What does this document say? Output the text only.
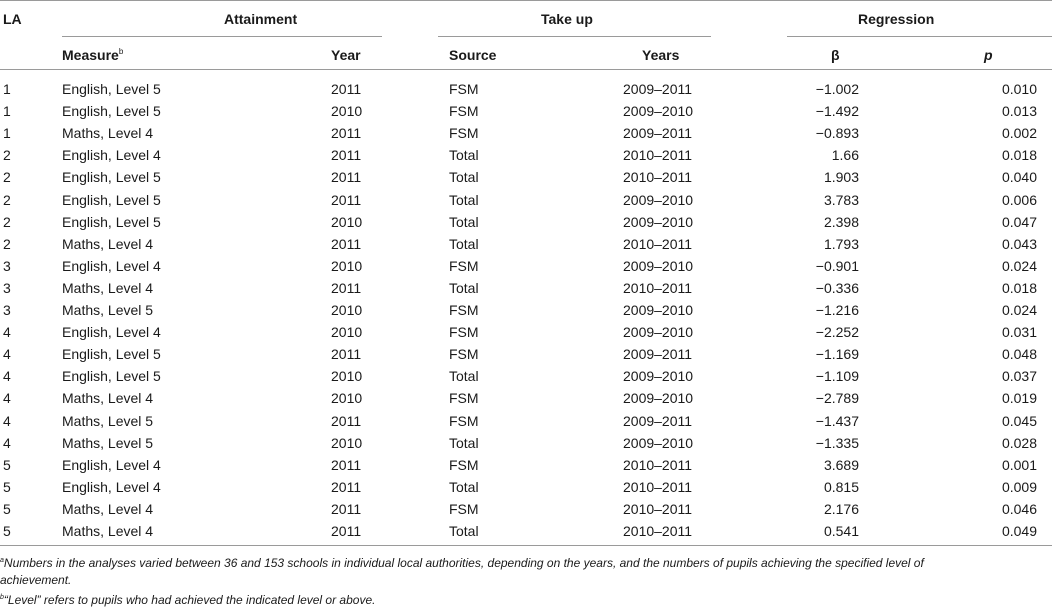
LA	Attainment	Take up	Regression
Measure$^b$	Year	Source	Years	β	p
1	English, Level 5	2011	FSM	2009–2011	−1.002	0.010
1	English, Level 5	2010	FSM	2009–2010	−1.492	0.013
1	Maths, Level 4	2011	FSM	2009–2011	−0.893	0.002
2	English, Level 4	2011	Total	2010–2011	1.66	0.018
2	English, Level 5	2011	Total	2010–2011	1.903	0.040
2	English, Level 5	2011	Total	2009–2010	3.783	0.006
2	English, Level 5	2010	Total	2009–2010	2.398	0.047
2	Maths, Level 4	2011	Total	2010–2011	1.793	0.043
3	English, Level 4	2010	FSM	2009–2010	−0.901	0.024
3	Maths, Level 4	2011	Total	2010–2011	−0.336	0.018
3	Maths, Level 5	2010	FSM	2009–2010	−1.216	0.024
4	English, Level 4	2010	FSM	2009–2010	−2.252	0.031
4	English, Level 5	2011	FSM	2009–2011	−1.169	0.048
4	English, Level 5	2010	Total	2009–2010	−1.109	0.037
4	Maths, Level 4	2010	FSM	2009–2010	−2.789	0.019
4	Maths, Level 5	2011	FSM	2009–2011	−1.437	0.045
4	Maths, Level 5	2010	Total	2009–2010	−1.335	0.028
5	English, Level 4	2011	FSM	2010–2011	3.689	0.001
5	English, Level 4	2011	Total	2010–2011	0.815	0.009
5	Maths, Level 4	2011	FSM	2010–2011	2.176	0.046
5	Maths, Level 4	2011	Total	2010–2011	0.541	0.049
$^a$Numbers in the analyses varied between 36 and 153 schools in individual local authorities, depending on the years, and the numbers of pupils achieving the specified level of achievement.
$^b$“Level” refers to pupils who had achieved the indicated level or above.
